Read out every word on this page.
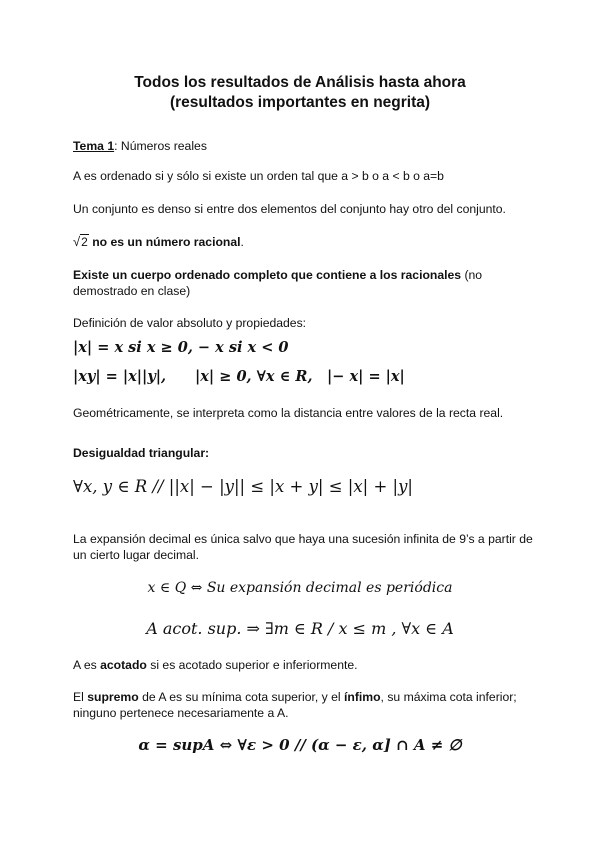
Todos los resultados de Análisis hasta ahora
(resultados importantes en negrita)
Tema 1: Números reales
A es ordenado si y sólo si existe un orden tal que a > b o a < b o a=b
Un conjunto es denso si entre dos elementos del conjunto hay otro del conjunto.
√2 no es un número racional.
Existe un cuerpo ordenado completo que contiene a los racionales (no demostrado en clase)
Definición de valor absoluto y propiedades:
|x| = x si x ≥ 0, − x si x < 0
|xy| = |x||y|, |x| ≥ 0, ∀x ∈ R, |− x| = |x|
Geométricamente, se interpreta como la distancia entre valores de la recta real.
Desigualdad triangular:
∀x, y ∈ R // ||x| − |y|| ≤ |x + y| ≤ |x| + |y|
La expansión decimal es única salvo que haya una sucesión infinita de 9’s a partir de un cierto lugar decimal.
x ∈ Q ⇔ Su expansión decimal es periódica
A acot. sup. ⇒ ∃m ∈ R / x ≤ m , ∀x ∈ A
A es acotado si es acotado superior e inferiormente.
El supremo de A es su mínima cota superior, y el ínfimo, su máxima cota inferior; ninguno pertenece necesariamente a A.
α = supA ⇔ ∀ε > 0 // (α − ε, α] ∩ A ≠ ∅
